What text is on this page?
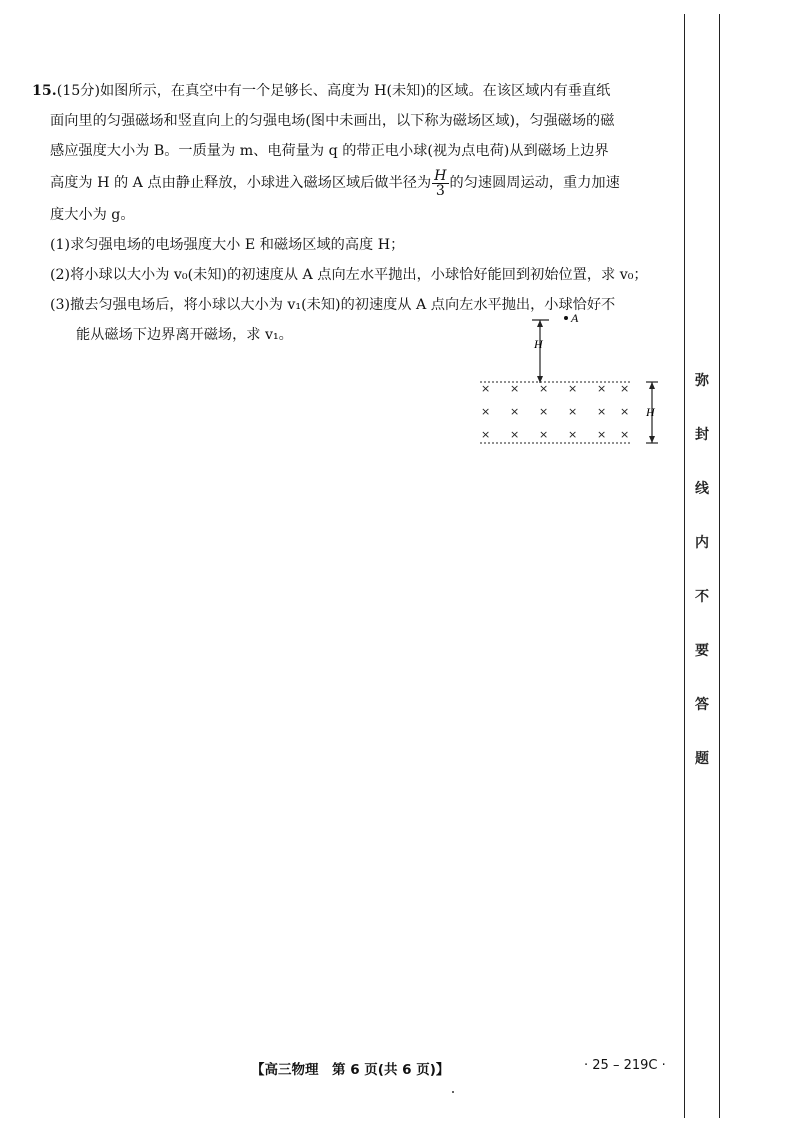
弥
封
线
内
不
要
答
题
15.(15分)如图所示，在真空中有一个足够长、高度为 H(未知)的区域。在该区域内有垂直纸
面向里的匀强磁场和竖直向上的匀强电场(图中未画出，以下称为磁场区域)，匀强磁场的磁
感应强度大小为 B。一质量为 m、电荷量为 q 的带正电小球(视为点电荷)从到磁场上边界
高度为 H 的 A 点由静止释放，小球进入磁场区域后做半径为 $\frac{H}{3}$ 的匀速圆周运动，重力加速
度大小为 g。
(1)求匀强电场的电场强度大小 E 和磁场区域的高度 H；
(2)将小球以大小为 v₀(未知)的初速度从 A 点向左水平抛出，小球恰好能回到初始位置，求 v₀；
(3)撤去匀强电场后，将小球以大小为 v₁(未知)的初速度从 A 点向左水平抛出，小球恰好不
能从磁场下边界离开磁场，求 v₁。
H
A
× × × × × ×
× × × × × ×
× × × × × ×
H
【高三物理　第 6 页(共 6 页)】	· 25 – 219C ·
